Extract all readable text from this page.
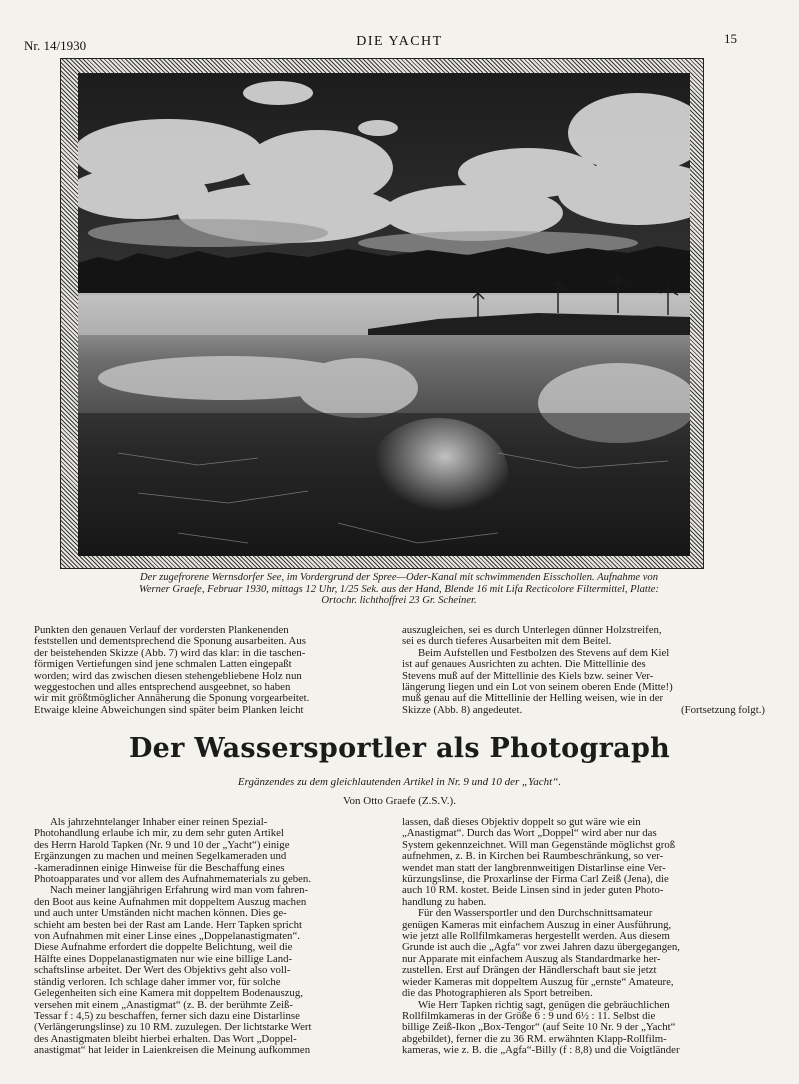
Nr. 14/1930	DIE YACHT	15

Der zugefrorene Wernsdorfer See, im Vordergrund der Spree—Oder-Kanal mit schwimmenden Eisschollen. Aufnahme von

Werner Graefe, Februar 1930, mittags 12 Uhr, 1/25 Sek. aus der Hand, Blende 16 mit Lifa Recticolore Filtermittel, Platte:

Ortochr. lichthoffrei 23 Gr. Scheiner.

Punkten den genauen Verlauf der vordersten Plankenenden

feststellen und dementsprechend die Sponung ausarbeiten. Aus

der beistehenden Skizze (Abb. 7) wird das klar: in die taschen-

förmigen Vertiefungen sind jene schmalen Latten eingepaßt

worden; wird das zwischen diesen stehengebliebene Holz nun

weggestochen und alles entsprechend ausgeebnet, so haben

wir mit größtmöglicher Annäherung die Sponung vorgearbeitet.

Etwaige kleine Abweichungen sind später beim Planken leicht

auszugleichen, sei es durch Unterlegen dünner Holzstreifen,

sei es durch tieferes Ausarbeiten mit dem Beitel.

Beim Aufstellen und Festbolzen des Stevens auf dem Kiel

ist auf genaues Ausrichten zu achten. Die Mittellinie des

Stevens muß auf der Mittellinie des Kiels bzw. seiner Ver-

längerung liegen und ein Lot von seinem oberen Ende (Mitte!)

muß genau auf die Mittellinie der Helling weisen, wie in der

Skizze (Abb. 8) angedeutet.	(Fortsetzung folgt.)

Der Wassersportler als Photograph
Ergänzendes zu dem gleichlautenden Artikel in Nr. 9 und 10 der „Yacht“.
Von Otto Graefe (Z.S.V.).

Als jahrzehntelanger Inhaber einer reinen Spezial-

Photohandlung erlaube ich mir, zu dem sehr guten Artikel

des Herrn Harold Tapken (Nr. 9 und 10 der „Yacht“) einige

Ergänzungen zu machen und meinen Segelkameraden und

-kameradinnen einige Hinweise für die Beschaffung eines

Photoapparates und vor allem des Aufnahmematerials zu geben.

Nach meiner langjährigen Erfahrung wird man vom fahren-

den Boot aus keine Aufnahmen mit doppeltem Auszug machen

und auch unter Umständen nicht machen können. Dies ge-

schieht am besten bei der Rast am Lande. Herr Tapken spricht

von Aufnahmen mit einer Linse eines „Doppelanastigmaten“.

Diese Aufnahme erfordert die doppelte Belichtung, weil die

Hälfte eines Doppelanastigmaten nur wie eine billige Land-

schaftslinse arbeitet. Der Wert des Objektivs geht also voll-

ständig verloren. Ich schlage daher immer vor, für solche

Gelegenheiten sich eine Kamera mit doppeltem Bodenauszug,

versehen mit einem „Anastigmat“ (z. B. der berühmte Zeiß-

Tessar f : 4,5) zu beschaffen, ferner sich dazu eine Distarlinse

(Verlängerungslinse) zu 10 RM. zuzulegen. Der lichtstarke Wert

des Anastigmaten bleibt hierbei erhalten. Das Wort „Doppel-

anastigmat“ hat leider in Laienkreisen die Meinung aufkommen

lassen, daß dieses Objektiv doppelt so gut wäre wie ein

„Anastigmat“. Durch das Wort „Doppel“ wird aber nur das

System gekennzeichnet. Will man Gegenstände möglichst groß

aufnehmen, z. B. in Kirchen bei Raumbeschränkung, so ver-

wendet man statt der langbrennweitigen Distarlinse eine Ver-

kürzungslinse, die Proxarlinse der Firma Carl Zeiß (Jena), die

auch 10 RM. kostet. Beide Linsen sind in jeder guten Photo-

handlung zu haben.

Für den Wassersportler und den Durchschnittsamateur

genügen Kameras mit einfachem Auszug in einer Ausführung,

wie jetzt alle Rollfilmkameras hergestellt werden. Aus diesem

Grunde ist auch die „Agfa“ vor zwei Jahren dazu übergegangen,

nur Apparate mit einfachem Auszug als Standardmarke her-

zustellen. Erst auf Drängen der Händlerschaft baut sie jetzt

wieder Kameras mit doppeltem Auszug für „ernste“ Amateure,

die das Photographieren als Sport betreiben.

Wie Herr Tapken richtig sagt, genügen die gebräuchlichen

Rollfilmkameras in der Größe 6 : 9 und 6½ : 11. Selbst die

billige Zeiß-Ikon „Box-Tengor“ (auf Seite 10 Nr. 9 der „Yacht“

abgebildet), ferner die zu 36 RM. erwähnten Klapp-Rollfilm-

kameras, wie z. B. die „Agfa“-Billy (f : 8,8) und die Voigtländer
